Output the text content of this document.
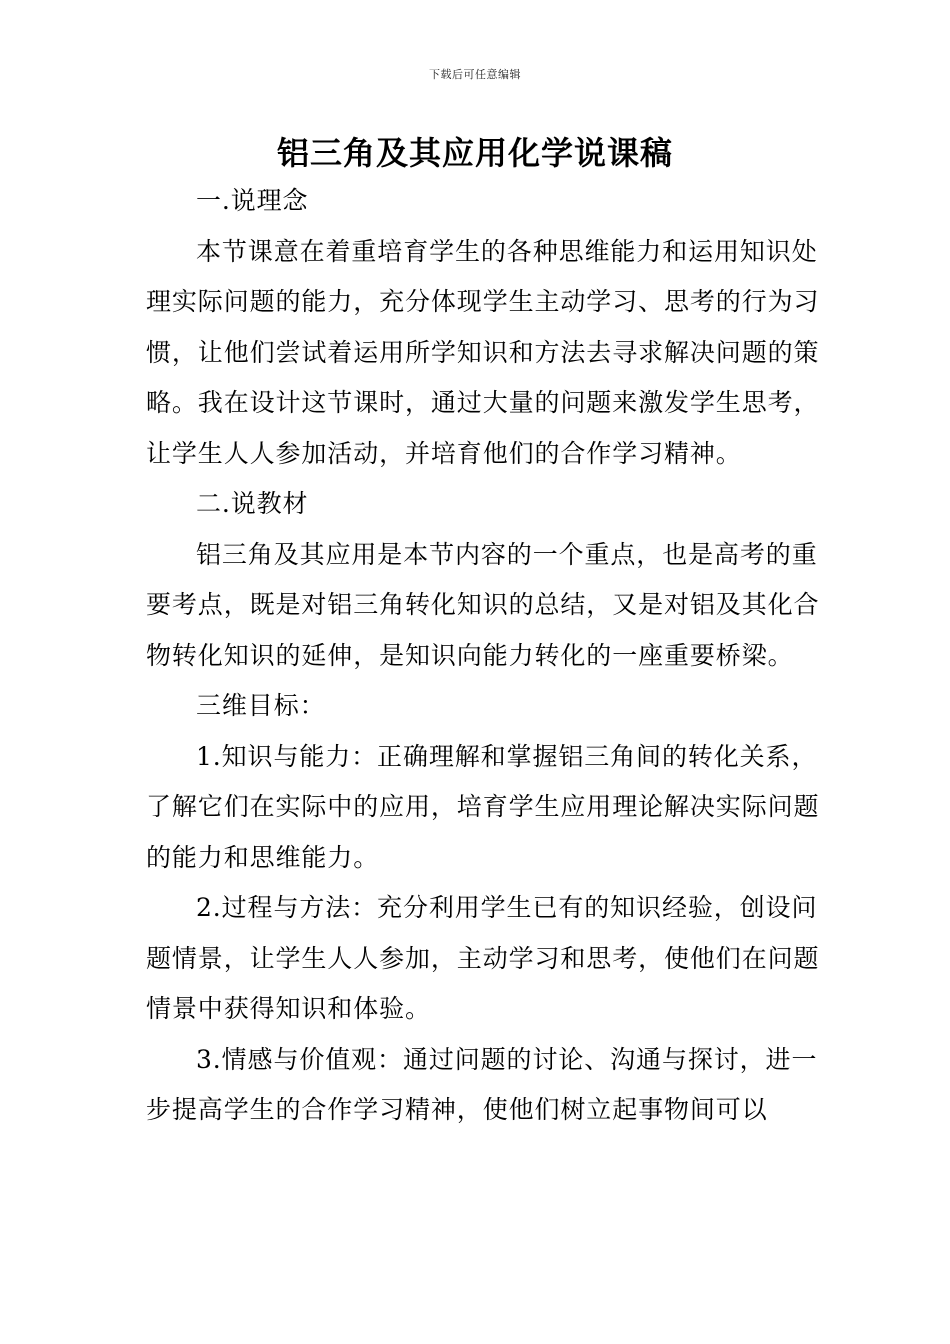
下载后可任意编辑
铝三角及其应用化学说课稿

一.说理念

本节课意在着重培育学生的各种思维能力和运用知识处理实际问题的能力，充分体现学生主动学习、思考的行为习惯，让他们尝试着运用所学知识和方法去寻求解决问题的策略。我在设计这节课时，通过大量的问题来激发学生思考，让学生人人参加活动，并培育他们的合作学习精神。

二.说教材

铝三角及其应用是本节内容的一个重点，也是高考的重要考点，既是对铝三角转化知识的总结，又是对铝及其化合物转化知识的延伸，是知识向能力转化的一座重要桥梁。

三维目标：

1.知识与能力：正确理解和掌握铝三角间的转化关系，了解它们在实际中的应用，培育学生应用理论解决实际问题的能力和思维能力。

2.过程与方法：充分利用学生已有的知识经验，创设问题情景，让学生人人参加，主动学习和思考，使他们在问题情景中获得知识和体验。

3.情感与价值观：通过问题的讨论、沟通与探讨，进一步提高学生的合作学习精神，使他们树立起事物间可以
